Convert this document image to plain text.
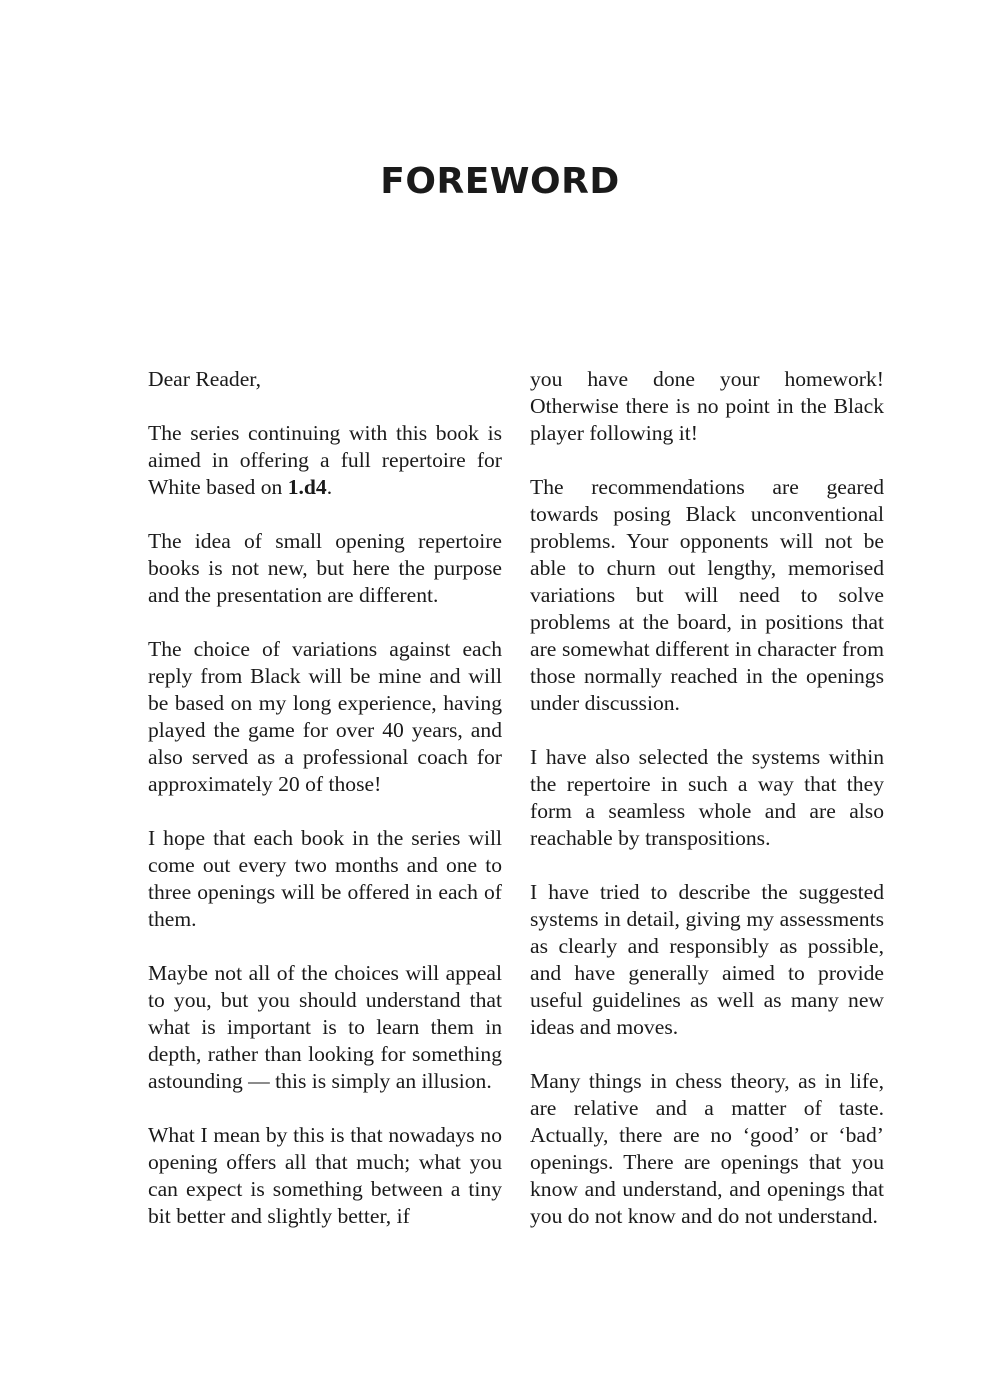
FOREWORD

Dear Reader,

The series continuing with this book is aimed in offering a full repertoire for White based on 1.d4.

The idea of small opening repertoire books is not new, but here the purpose and the presentation are different.

The choice of variations against each reply from Black will be mine and will be based on my long experience, having played the game for over 40 years, and also served as a professional coach for approximately 20 of those!

I hope that each book in the series will come out every two months and one to three openings will be offered in each of them.

Maybe not all of the choices will appeal to you, but you should understand that what is important is to learn them in depth, rather than looking for something astounding — this is simply an illusion.

What I mean by this is that nowadays no opening offers all that much; what you can expect is something between a tiny bit better and slightly better, if

you have done your homework! Otherwise there is no point in the Black player following it!

The recommendations are geared towards posing Black unconventional problems. Your opponents will not be able to churn out lengthy, memorised variations but will need to solve problems at the board, in positions that are somewhat different in character from those normally reached in the openings under discussion.

I have also selected the systems within the repertoire in such a way that they form a seamless whole and are also reachable by transpositions.

I have tried to describe the suggested systems in detail, giving my assessments as clearly and responsibly as possible, and have generally aimed to provide useful guidelines as well as many new ideas and moves.

Many things in chess theory, as in life, are relative and a matter of taste. Actually, there are no ‘good’ or ‘bad’ openings. There are openings that you know and understand, and openings that you do not know and do not understand.
